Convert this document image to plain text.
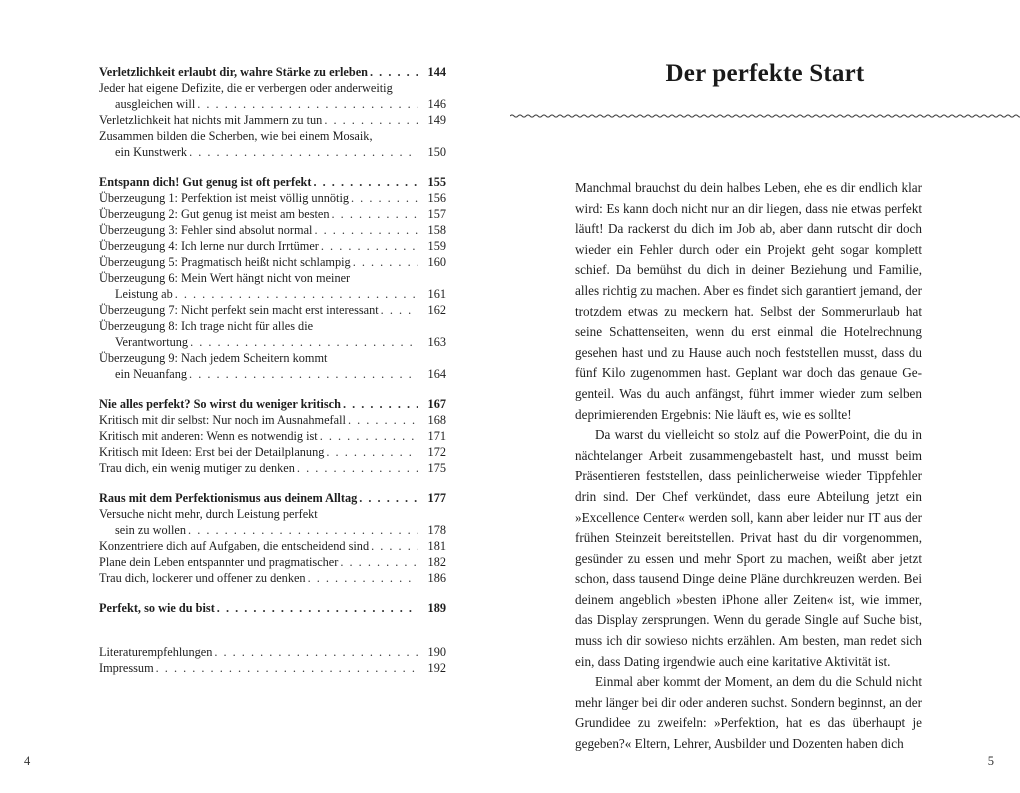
Verletzlichkeit erlaubt dir, wahre Stärke zu erleben . . .	144
Jeder hat eigene Defizite, die er verbergen oder anderweitig
ausgleichen will . . .	146
Verletzlichkeit hat nichts mit Jammern zu tun . . .	149
Zusammen bilden die Scherben, wie bei einem Mosaik,
ein Kunstwerk . . .	150
Entspann dich! Gut genug ist oft perfekt . . .	155
Überzeugung 1: Perfektion ist meist völlig unnötig . . .	156
Überzeugung 2: Gut genug ist meist am besten . . .	157
Überzeugung 3: Fehler sind absolut normal . . .	158
Überzeugung 4: Ich lerne nur durch Irrtümer . . .	159
Überzeugung 5: Pragmatisch heißt nicht schlampig . . .	160
Überzeugung 6: Mein Wert hängt nicht von meiner
Leistung ab . . .	161
Überzeugung 7: Nicht perfekt sein macht erst interessant . . .	162
Überzeugung 8: Ich trage nicht für alles die
Verantwortung . . .	163
Überzeugung 9: Nach jedem Scheitern kommt
ein Neuanfang . . .	164
Nie alles perfekt? So wirst du weniger kritisch . . .	167
Kritisch mit dir selbst: Nur noch im Ausnahmefall . . .	168
Kritisch mit anderen: Wenn es notwendig ist . . .	171
Kritisch mit Ideen: Erst bei der Detailplanung . . .	172
Trau dich, ein wenig mutiger zu denken . . .	175
Raus mit dem Perfektionismus aus deinem Alltag . . .	177
Versuche nicht mehr, durch Leistung perfekt
sein zu wollen . . .	178
Konzentriere dich auf Aufgaben, die entscheidend sind . . .	181
Plane dein Leben entspannter und pragmatischer . . .	182
Trau dich, lockerer und offener zu denken . . .	186
Perfekt, so wie du bist . . .	189
Literaturempfehlungen . . .	190
Impressum . . .	192
4
Der perfekte Start

Manchmal brauchst du dein halbes Leben, ehe es dir endlich klar wird: Es kann doch nicht nur an dir liegen, dass nie etwas perfekt läuft! Da rackerst du dich im Job ab, aber dann rutscht dir doch wieder ein Fehler durch oder ein Projekt geht sogar komplett schief. Da bemühst du dich in deiner Beziehung und Familie, alles richtig zu machen. Aber es findet sich garantiert jemand, der trotzdem etwas zu meckern hat. Selbst der Sommerurlaub hat seine Schattenseiten, wenn du erst einmal die Hotelrechnung gesehen hast und zu Hause auch noch feststellen musst, dass du fünf Kilo zugenommen hast. Geplant war doch das genaue Gegenteil. Was du auch anfängst, führt immer wieder zum selben deprimierenden Ergebnis: Nie läuft es, wie es sollte!

Da warst du vielleicht so stolz auf die PowerPoint, die du in nächtelanger Arbeit zusammengebastelt hast, und musst beim Präsentieren feststellen, dass peinlicherweise wieder Tippfehler drin sind. Der Chef verkündet, dass eure Abteilung jetzt ein »Excellence Center« werden soll, kann aber leider nur IT aus der frühen Steinzeit bereitstellen. Privat hast du dir vorgenommen, gesünder zu essen und mehr Sport zu machen, weißt aber jetzt schon, dass tausend Dinge deine Pläne durchkreuzen werden. Bei deinem angeblich »besten iPhone aller Zeiten« ist, wie immer, das Display zersprungen. Wenn du gerade Single auf Suche bist, muss ich dir sowieso nichts erzählen. Am besten, man redet sich ein, dass Dating irgendwie auch eine karitative Aktivität ist.

Einmal aber kommt der Moment, an dem du die Schuld nicht mehr länger bei dir oder anderen suchst. Sondern beginnst, an der Grundidee zu zweifeln: »Perfektion, hat es das überhaupt je gegeben?« Eltern, Lehrer, Ausbilder und Dozenten haben dich

5
